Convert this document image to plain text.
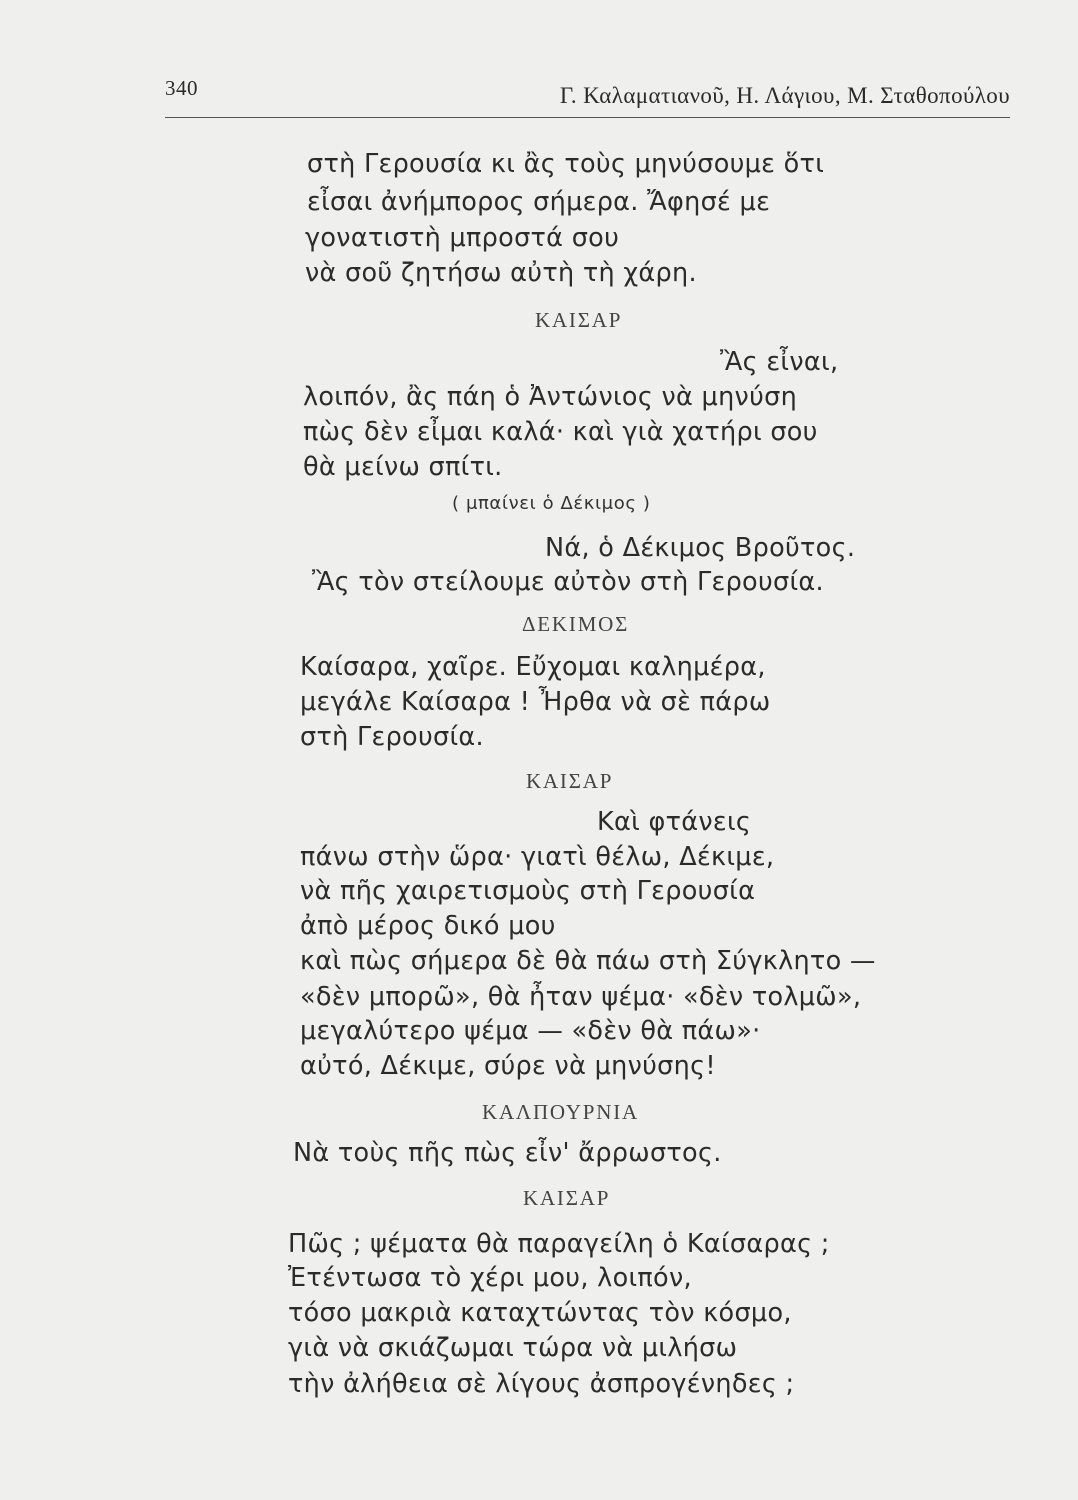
340	Γ. Καλαματιανοῦ, Η. Λάγιου, Μ. Σταθοπούλου
στὴ Γερουσία κι ἂς τοὺς μηνύσουμε ὅτι
εἶσαι ἀνήμπορος σήμερα. Ἄφησέ με
γονατιστὴ μπροστά σου
νὰ σοῦ ζητήσω αὐτὴ τὴ χάρη.
ΚΑΙΣΑΡ
Ἂς εἶναι,
λοιπόν, ἂς πάη ὁ Ἀντώνιος νὰ μηνύση
πὼς δὲν εἶμαι καλά· καὶ γιὰ χατήρι σου
θὰ μείνω σπίτι.
( μπαίνει ὁ Δέκιμος )
Νά, ὁ Δέκιμος Βροῦτος.
Ἂς τὸν στείλουμε αὐτὸν στὴ Γερουσία.
ΔΕΚΙΜΟΣ
Καίσαρα, χαῖρε. Εὔχομαι καλημέρα,
μεγάλε Καίσαρα ! Ἦρθα νὰ σὲ πάρω
στὴ Γερουσία.
ΚΑΙΣΑΡ
Καὶ φτάνεις
πάνω στὴν ὥρα· γιατὶ θέλω, Δέκιμε,
νὰ πῆς χαιρετισμοὺς στὴ Γερουσία
ἀπὸ μέρος δικό μου
καὶ πὼς σήμερα δὲ θὰ πάω στὴ Σύγκλητο —
«δὲν μπορῶ», θὰ ἦταν ψέμα· «δὲν τολμῶ»,
μεγαλύτερο ψέμα — «δὲν θὰ πάω»·
αὐτό, Δέκιμε, σύρε νὰ μηνύσης!
ΚΑΛΠΟΥΡΝΙΑ
Νὰ τοὺς πῆς πὼς εἶν' ἄρρωστος.
ΚΑΙΣΑΡ
Πῶς ; ψέματα θὰ παραγείλη ὁ Καίσαρας ;
Ἐτέντωσα τὸ χέρι μου, λοιπόν,
τόσο μακριὰ καταχτώντας τὸν κόσμο,
γιὰ νὰ σκιάζωμαι τώρα νὰ μιλήσω
τὴν ἀλήθεια σὲ λίγους ἀσπρογένηδες ;
